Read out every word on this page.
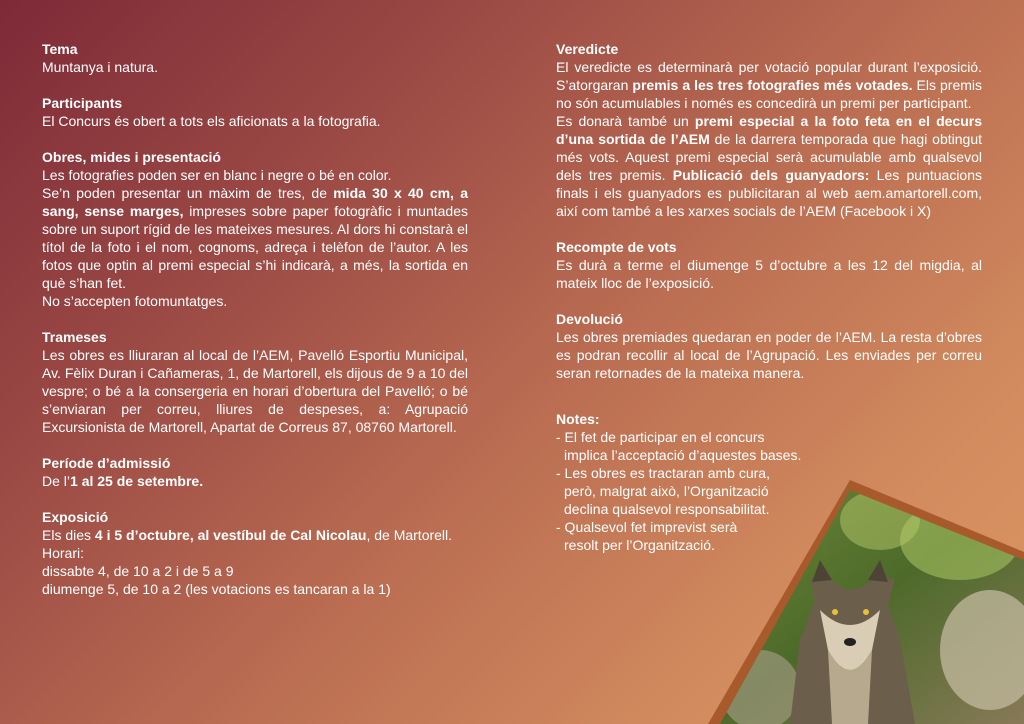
Tema

Muntanya i natura.

Participants

El Concurs és obert a tots els aficionats a la fotografia.

Obres, mides i presentació

Les fotografies poden ser en blanc i negre o bé en color.

Se’n poden presentar un màxim de tres, de mida 30 x 40 cm, a sang, sense marges, impreses sobre paper fotogràfic i muntades sobre un suport rígid de les mateixes mesures. Al dors hi constarà el títol de la foto i el nom, cognoms, adreça i telèfon de l’autor. A les fotos que optin al premi especial s’hi indicarà, a més, la sortida en què s’han fet.

No s’accepten fotomuntatges.

Trameses

Les obres es lliuraran al local de l’AEM, Pavelló Esportiu Municipal, Av. Fèlix Duran i Cañameras, 1, de Martorell, els dijous de 9 a 10 del vespre; o bé a la consergeria en horari d’obertura del Pavelló; o bé s’enviaran per correu, lliures de despeses, a: Agrupació Excursionista de Martorell, Apartat de Correus 87, 08760 Martorell.

Període d’admissió

De l’1 al 25 de setembre.

Exposició

Els dies 4 i 5 d’octubre, al vestíbul de Cal Nicolau, de Martorell.

Horari:

dissabte 4, de 10 a 2 i de 5 a 9

diumenge 5, de 10 a 2 (les votacions es tancaran a la 1)

Veredicte

El veredicte es determinarà per votació popular durant l’exposició. S’atorgaran premis a les tres fotografies més votades. Els premis no són acumulables i només es concedirà un premi per participant.

Es donarà també un premi especial a la foto feta en el decurs d’una sortida de l’AEM de la darrera temporada que hagi obtingut més vots. Aquest premi especial serà acumulable amb qualsevol dels tres premis. Publicació dels guanyadors: Les puntuacions finals i els guanyadors es publicitaran al web aem.amartorell.com, així com també a les xarxes socials de l’AEM (Facebook i X)

Recompte de vots

Es durà a terme el diumenge 5 d’octubre a les 12 del migdia, al mateix lloc de l’exposició.

Devolució

Les obres premiades quedaran en poder de l’AEM. La resta d’obres es podran recollir al local de l’Agrupació. Les enviades per correu seran retornades de la mateixa manera.

Notes:

- El fet de participar en el concurs

implica l’acceptació d’aquestes bases.

- Les obres es tractaran amb cura,

però, malgrat això, l’Organització

declina qualsevol responsabilitat.

- Qualsevol fet imprevist serà

resolt per l’Organització.
